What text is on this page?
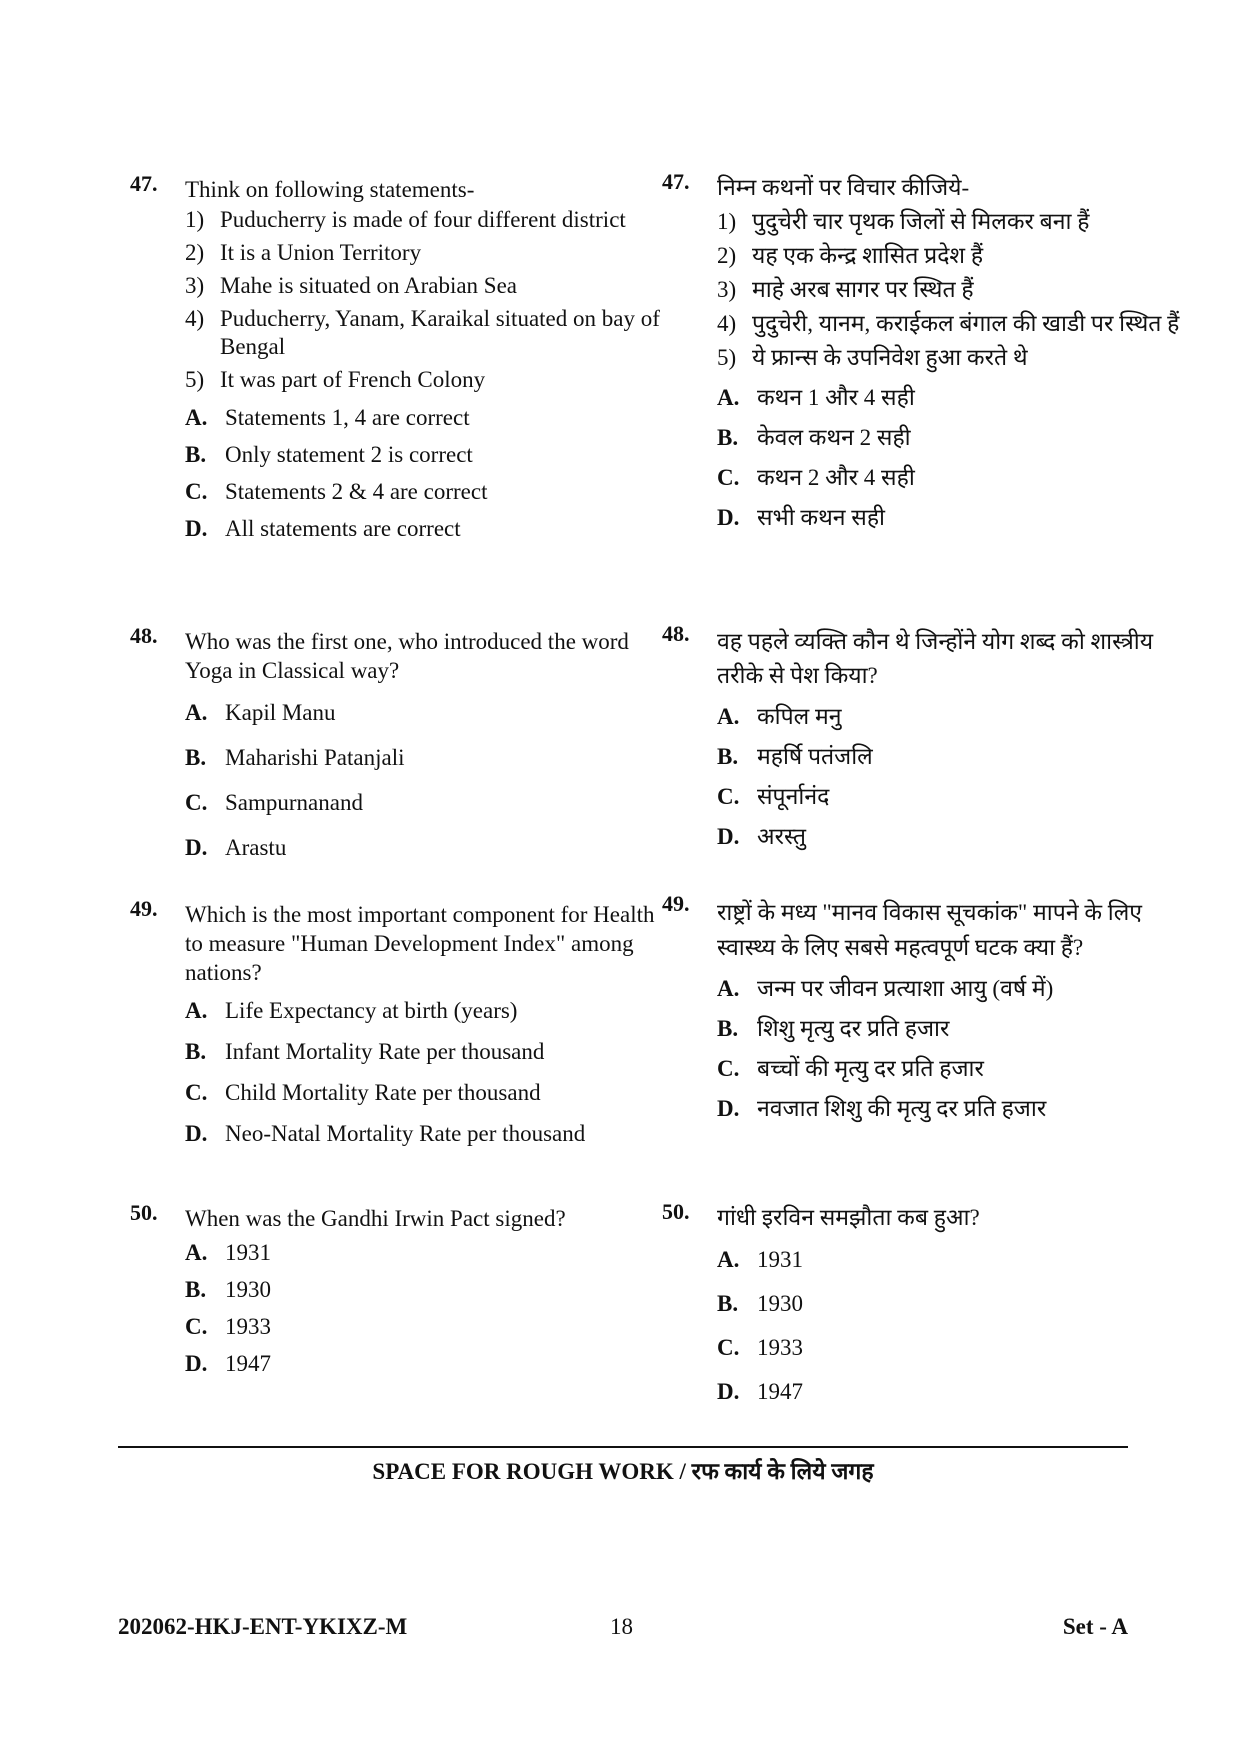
47. Think on following statements-
1) Puducherry is made of four different district
2) It is a Union Territory
3) Mahe is situated on Arabian Sea
4) Puducherry, Yanam, Karaikal situated on bay of Bengal
5) It was part of French Colony
A. Statements 1, 4 are correct
B. Only statement 2 is correct
C. Statements 2 & 4 are correct
D. All statements are correct
48. Who was the first one, who introduced the word Yoga in Classical way?
A. Kapil Manu
B. Maharishi Patanjali
C. Sampurnanand
D. Arastu
49. Which is the most important component for Health to measure "Human Development Index" among nations?
A. Life Expectancy at birth (years)
B. Infant Mortality Rate per thousand
C. Child Mortality Rate per thousand
D. Neo-Natal Mortality Rate per thousand
50. When was the Gandhi Irwin Pact signed?
A. 1931
B. 1930
C. 1933
D. 1947
47. निम्न कथनों पर विचार कीजिये-
1) पुदुचेरी चार पृथक जिलों से मिलकर बना हैं
2) यह एक केन्द्र शासित प्रदेश हैं
3) माहे अरब सागर पर स्थित हैं
4) पुदुचेरी, यानम, कराईकल बंगाल की खाडी पर स्थित हैं
5) ये फ्रान्स के उपनिवेश हुआ करते थे
A. कथन 1 और 4 सही
B. केवल कथन 2 सही
C. कथन 2 और 4 सही
D. सभी कथन सही
48. वह पहले व्यक्ति कौन थे जिन्होंने योग शब्द को शास्त्रीय तरीके से पेश किया?
A. कपिल मनु
B. महर्षि पतंजलि
C. संपूर्नानंद
D. अरस्तु
49. राष्ट्रों के मध्य "मानव विकास सूचकांक" मापने के लिए स्वास्थ्य के लिए सबसे महत्वपूर्ण घटक क्या हैं?
A. जन्म पर जीवन प्रत्याशा आयु (वर्ष में)
B. शिशु मृत्यु दर प्रति हजार
C. बच्चों की मृत्यु दर प्रति हजार
D. नवजात शिशु की मृत्यु दर प्रति हजार
50. गांधी इरविन समझौता कब हुआ?
A. 1931
B. 1930
C. 1933
D. 1947
SPACE FOR ROUGH WORK / रफ कार्य के लिये जगह
202062-HKJ-ENT-YKIXZ-M	18	Set - A
